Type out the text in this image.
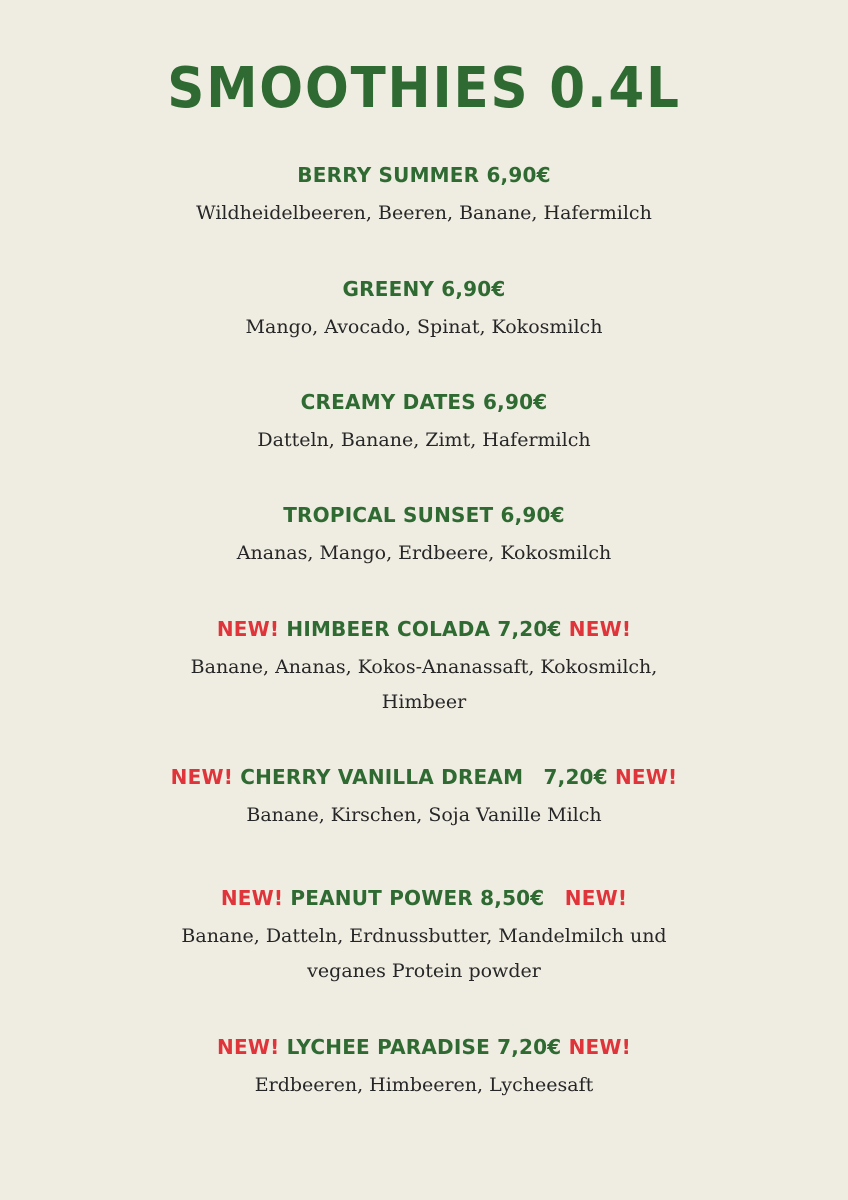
SMOOTHIES 0.4L
BERRY SUMMER 6,90€
Wildheidelbeeren, Beeren, Banane, Hafermilch
GREENY 6,90€
Mango, Avocado, Spinat, Kokosmilch
CREAMY DATES 6,90€
Datteln, Banane, Zimt, Hafermilch
TROPICAL SUNSET 6,90€
Ananas, Mango, Erdbeere, Kokosmilch
NEW! HIMBEER COLADA 7,20€ NEW!
Banane, Ananas, Kokos-Ananassaft, Kokosmilch,
Himbeer
NEW! CHERRY VANILLA DREAM 7,20€ NEW!
Banane, Kirschen, Soja Vanille Milch
NEW! PEANUT POWER 8,50€ NEW!
Banane, Datteln, Erdnussbutter, Mandelmilch und
veganes Protein powder
NEW! LYCHEE PARADISE 7,20€ NEW!
Erdbeeren, Himbeeren, Lycheesaft
